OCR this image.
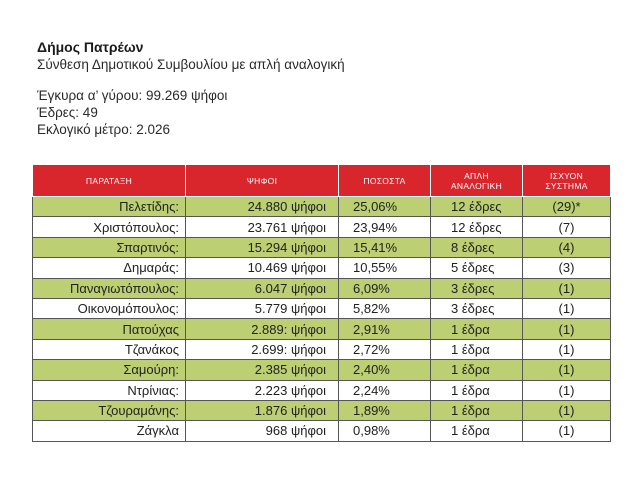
Δήμος Πατρέων
Σύνθεση Δημοτικού Συμβουλίου με απλή αναλογική
Έγκυρα α’ γύρου: 99.269 ψήφοι
Έδρες: 49
Εκλογικό μέτρο: 2.026
ΠΑΡΑΤΑΞΗ	ΨΗΦΟΙ	ΠΟΣΟΣΤΑ	ΑΠΛΗ ΑΝΑΛΟΓΙΚΗ	ΙΣΧΥΟΝ ΣΥΣΤΗΜΑ
Πελετίδης:	24.880 ψήφοι	25,06%	12 έδρες	(29)*
Χριστόπουλος:	23.761 ψήφοι	23,94%	12 έδρες	(7)
Σπαρτινός:	15.294 ψήφοι	15,41%	8 έδρες	(4)
Δημαράς:	10.469 ψήφοι	10,55%	5 έδρες	(3)
Παναγιωτόπουλος:	6.047 ψήφοι	6,09%	3 έδρες	(1)
Οικονομόπουλος:	5.779 ψήφοι	5,82%	3 έδρες	(1)
Πατούχας	2.889: ψήφοι	2,91%	1 έδρα	(1)
Τζανάκος	2.699: ψήφοι	2,72%	1 έδρα	(1)
Σαμούρη:	2.385 ψήφοι	2,40%	1 έδρα	(1)
Ντρίνιας:	2.223 ψήφοι	2,24%	1 έδρα	(1)
Τζουραμάνης:	1.876 ψήφοι	1,89%	1 έδρα	(1)
Ζάγκλα	968 ψήφοι	0,98%	1 έδρα	(1)
